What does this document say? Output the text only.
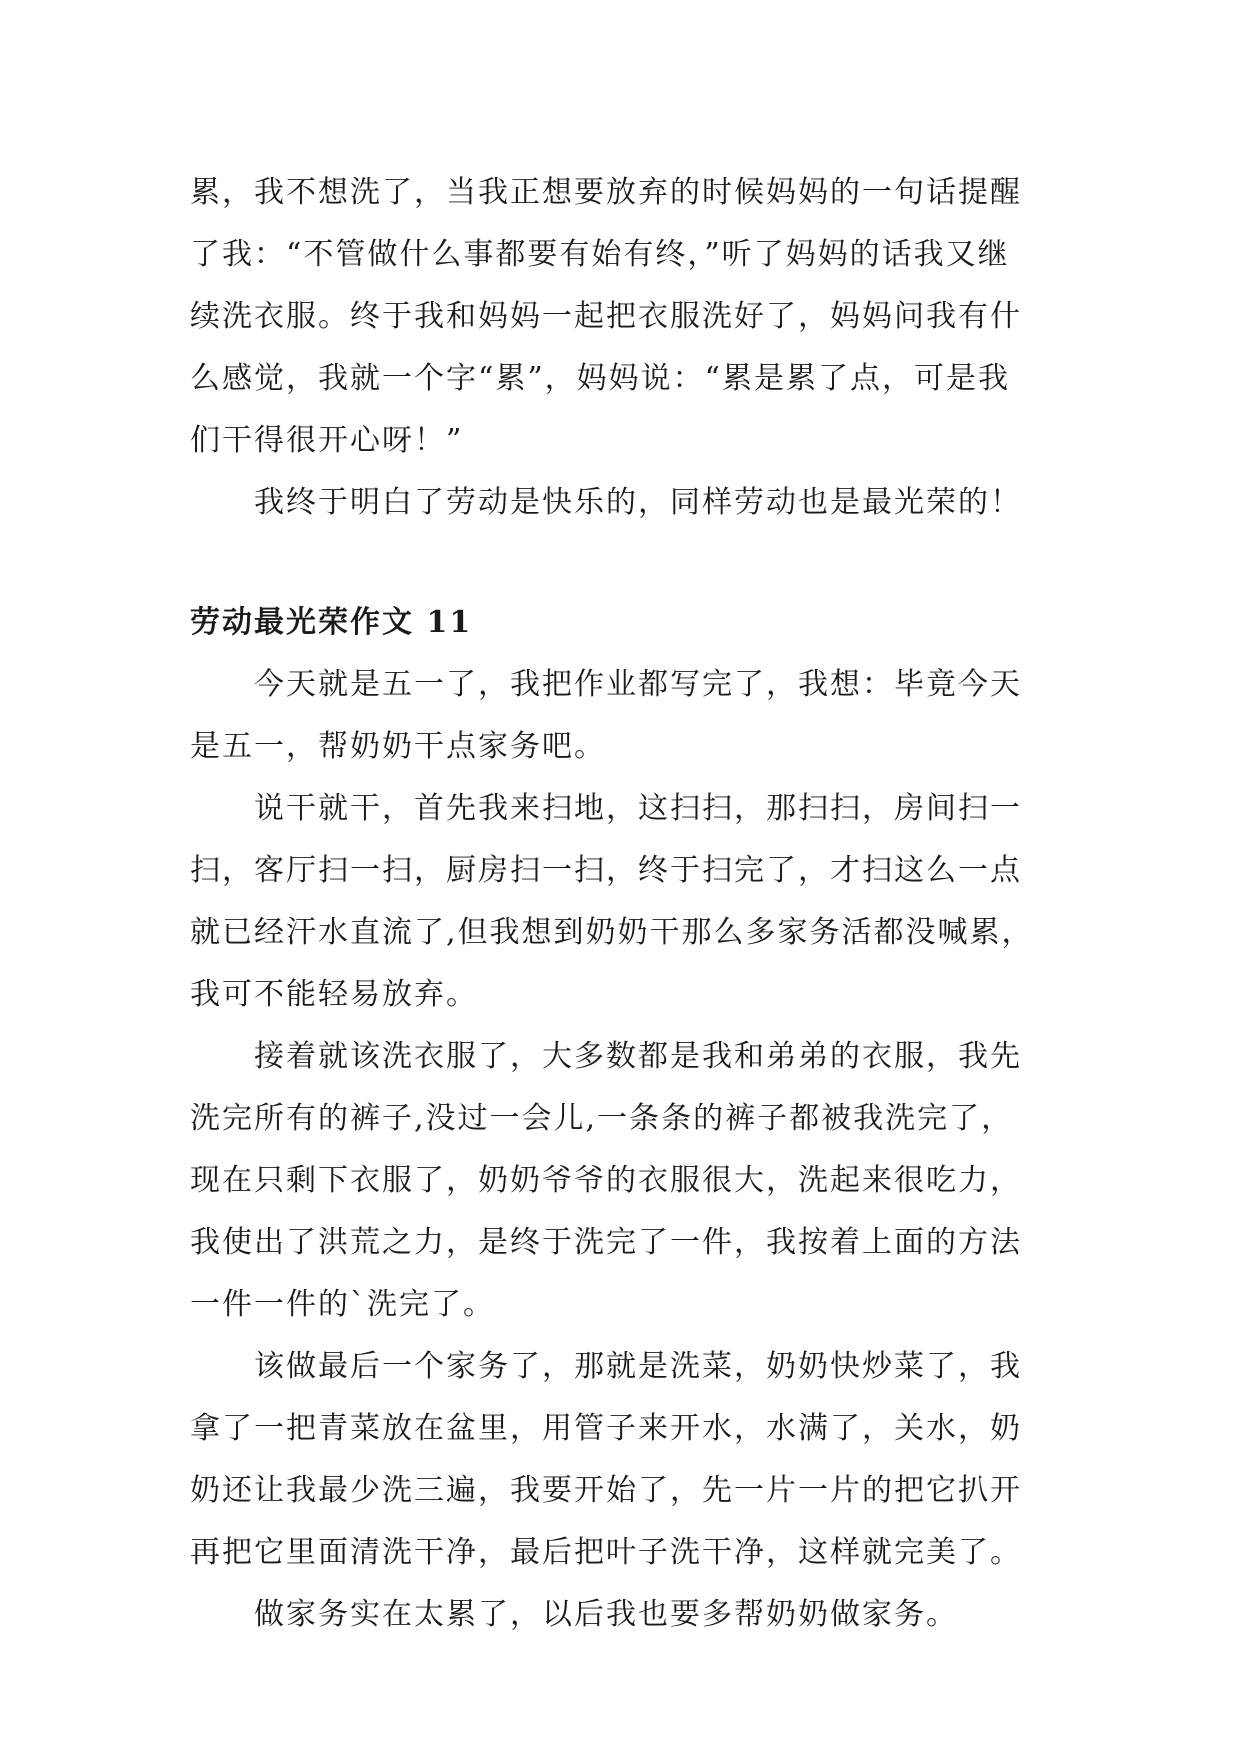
累，我不想洗了，当我正想要放弃的时候妈妈的一句话提醒
了我：“不管做什么事都要有始有终，”听了妈妈的话我又继
续洗衣服。终于我和妈妈一起把衣服洗好了，妈妈问我有什
么感觉，我就一个字“累”，妈妈说：“累是累了点，可是我
们干得很开心呀！”

我终于明白了劳动是快乐的，同样劳动也是最光荣的！

劳动最光荣作文 11

今天就是五一了，我把作业都写完了，我想：毕竟今天
是五一，帮奶奶干点家务吧。

说干就干，首先我来扫地，这扫扫，那扫扫，房间扫一
扫，客厅扫一扫，厨房扫一扫，终于扫完了，才扫这么一点
就已经汗水直流了,但我想到奶奶干那么多家务活都没喊累，
我可不能轻易放弃。

接着就该洗衣服了，大多数都是我和弟弟的衣服，我先
洗完所有的裤子,没过一会儿,一条条的裤子都被我洗完了，
现在只剩下衣服了，奶奶爷爷的衣服很大，洗起来很吃力，
我使出了洪荒之力，是终于洗完了一件，我按着上面的方法
一件一件的`洗完了。

该做最后一个家务了，那就是洗菜，奶奶快炒菜了，我
拿了一把青菜放在盆里，用管子来开水，水满了，关水，奶
奶还让我最少洗三遍，我要开始了，先一片一片的把它扒开
再把它里面清洗干净，最后把叶子洗干净，这样就完美了。

做家务实在太累了，以后我也要多帮奶奶做家务。
